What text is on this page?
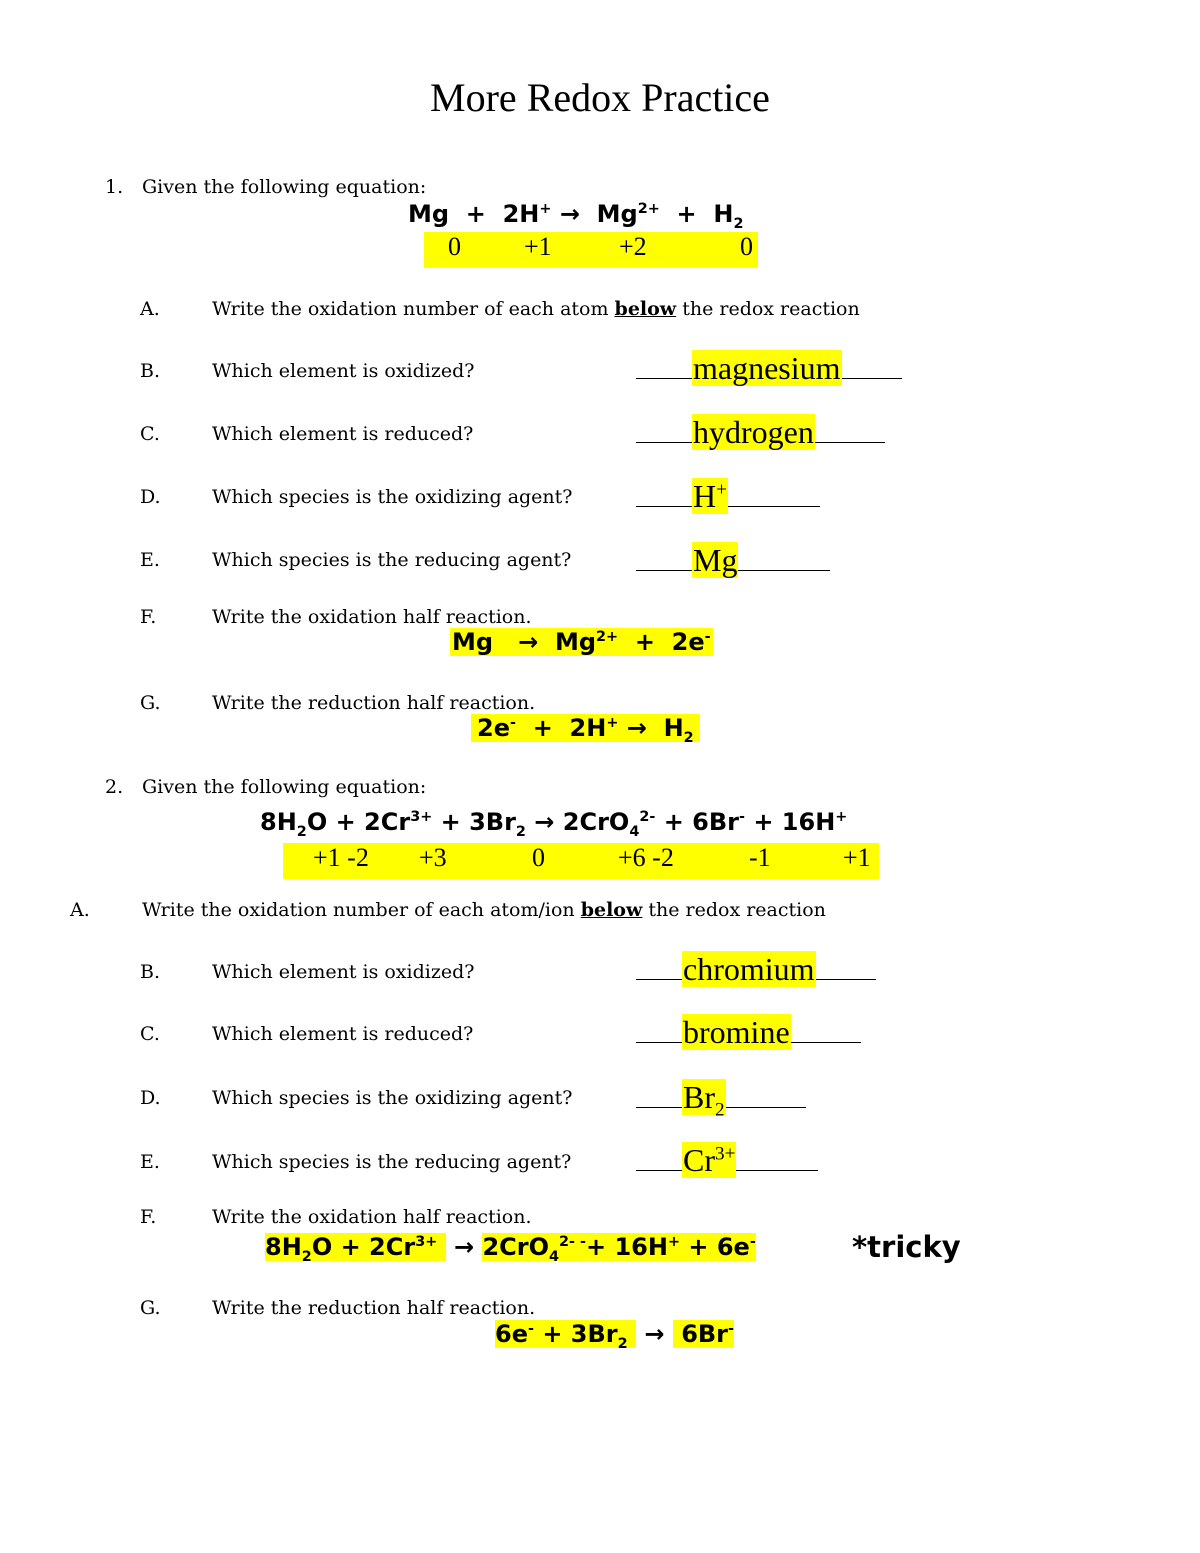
More Redox Practice
1. Given the following equation:
$Mg + 2H^+ \to Mg^{2+} + H_2$
0 +1	+2	0
A.	Write the oxidation number of each atom below the redox reaction
B.	Which element is oxidized?	magnesium
C.	Which element is reduced?	hydrogen
D.	Which species is the oxidizing agent?	H+
E.	Which species is the reducing agent?	Mg
F.	Write the oxidation half reaction.
$Mg \to Mg^{2+} + 2e^-$
G.	Write the reduction half reaction.
$2e^- + 2H^+ \to H_2$
2. Given the following equation:
$8H_2O + 2Cr^{3+} + 3Br_2 \to 2CrO_4^{2-} + 6Br^- + 16H^+$
+1 -2 +3	0	+6 -2	-1	+1
A.	Write the oxidation number of each atom/ion below the redox reaction
B.	Which element is oxidized?	chromium
C.	Which element is reduced?	bromine
D.	Which species is the oxidizing agent?	$Br_2$
E.	Which species is the reducing agent?	$Cr^{3+}$
F.	Write the oxidation half reaction.
$8H_2O + 2Cr^{3+} \to 2CrO_4^{2- -}+ 16H^+ + 6e^-$	*tricky
G.	Write the reduction half reaction.
$6e^- + 3Br_2 \to 6Br^-$
